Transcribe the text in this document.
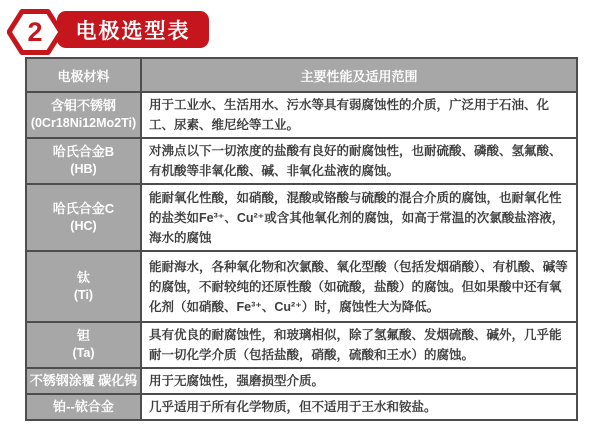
电极选型表
2
电极材料	主要性能及适用范围

含钼不锈钢
(0Cr18Ni12Mo2Ti)	用于工业水、生活用水、污水等具有弱腐蚀性的介质，广泛用于石油、化工、尿素、维尼纶等工业。

哈氏合金B
(HB)	对沸点以下一切浓度的盐酸有良好的耐腐蚀性，也耐硫酸、磷酸、氢氟酸、有机酸等非氧化酸、碱、非氧化盐液的腐蚀。

哈氏合金C
(HC)	能耐氧化性酸，如硝酸，混酸或铬酸与硫酸的混合介质的腐蚀，也耐氧化性的盐类如Fe³⁺、Cu²⁺或含其他氧化剂的腐蚀，如高于常温的次氯酸盐溶液，海水的腐蚀

钛
(Ti)	能耐海水，各种氧化物和次氯酸、氧化型酸（包括发烟硝酸）、有机酸、碱等的腐蚀，不耐较纯的还原性酸（如硫酸，盐酸）的腐蚀。但如果酸中还有氧化剂（如硝酸、Fe³⁺、Cu²⁺）时，腐蚀性大为降低。

钽
(Ta)	具有优良的耐腐蚀性，和玻璃相似，除了氢氟酸、发烟硫酸、碱外，几乎能耐一切化学介质（包括盐酸，硝酸，硫酸和王水）的腐蚀。

不锈钢涂覆 碳化钨	用于无腐蚀性，强磨损型介质。

铂--铱合金	几乎适用于所有化学物质，但不适用于王水和铵盐。
